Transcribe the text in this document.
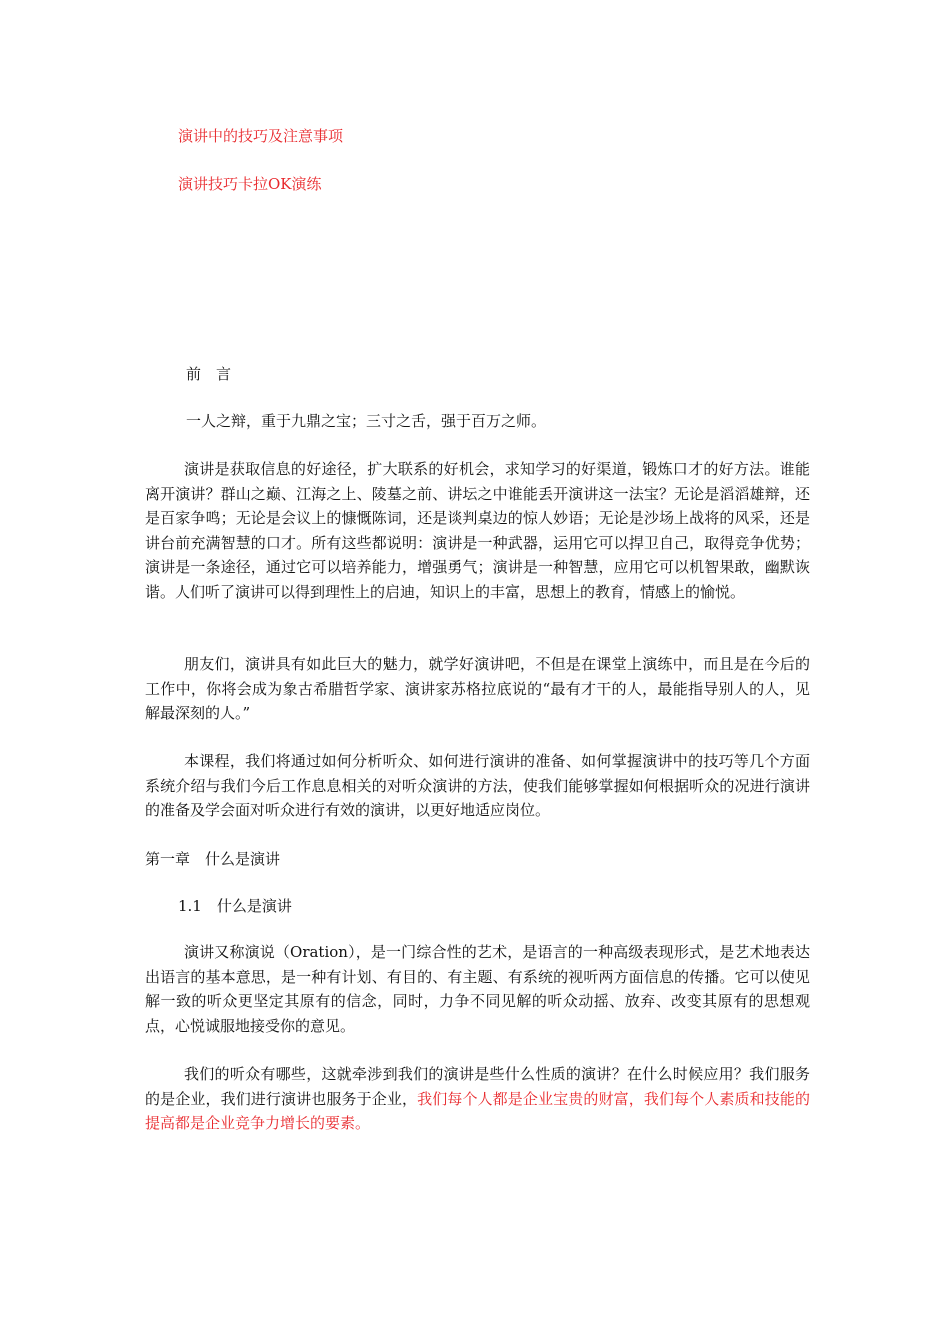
演讲中的技巧及注意事项
演讲技巧卡拉OK演练
前　言
一人之辩，重于九鼎之宝；三寸之舌，强于百万之师。
演讲是获取信息的好途径，扩大联系的好机会，求知学习的好渠道，锻炼口才的好方法。谁能离开演讲？群山之巅、江海之上、陵墓之前、讲坛之中谁能丢开演讲这一法宝？无论是滔滔雄辩，还是百家争鸣；无论是会议上的慷慨陈词，还是谈判桌边的惊人妙语；无论是沙场上战将的风采，还是讲台前充满智慧的口才。所有这些都说明：演讲是一种武器，运用它可以捍卫自己，取得竞争优势；演讲是一条途径，通过它可以培养能力，增强勇气；演讲是一种智慧，应用它可以机智果敢，幽默诙谐。人们听了演讲可以得到理性上的启迪，知识上的丰富，思想上的教育，情感上的愉悦。
朋友们，演讲具有如此巨大的魅力，就学好演讲吧，不但是在课堂上演练中，而且是在今后的工作中，你将会成为象古希腊哲学家、演讲家苏格拉底说的“最有才干的人，最能指导别人的人，见解最深刻的人。”
本课程，我们将通过如何分析听众、如何进行演讲的准备、如何掌握演讲中的技巧等几个方面系统介绍与我们今后工作息息相关的对听众演讲的方法，使我们能够掌握如何根据听众的况进行演讲的准备及学会面对听众进行有效的演讲，以更好地适应岗位。
第一章　什么是演讲
1.1　什么是演讲
演讲又称演说（Oration），是一门综合性的艺术，是语言的一种高级表现形式，是艺术地表达出语言的基本意思，是一种有计划、有目的、有主题、有系统的视听两方面信息的传播。它可以使见解一致的听众更坚定其原有的信念，同时，力争不同见解的听众动摇、放弃、改变其原有的思想观点，心悦诚服地接受你的意见。
我们的听众有哪些，这就牵涉到我们的演讲是些什么性质的演讲？在什么时候应用？我们服务的是企业，我们进行演讲也服务于企业，我们每个人都是企业宝贵的财富，我们每个人素质和技能的提高都是企业竞争力增长的要素。
